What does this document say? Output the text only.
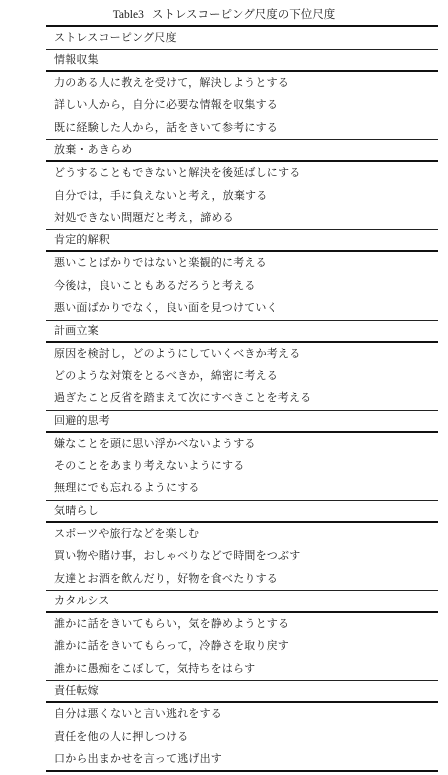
Table3 ストレスコーピング尺度の下位尺度
ストレスコーピング尺度
情報収集
力のある人に教えを受けて，解決しようとする
詳しい人から，自分に必要な情報を収集する
既に経験した人から，話をきいて参考にする
放棄・あきらめ
どうすることもできないと解決を後延ばしにする
自分では，手に負えないと考え，放棄する
対処できない問題だと考え，諦める
肯定的解釈
悪いことばかりではないと楽観的に考える
今後は，良いこともあるだろうと考える
悪い面ばかりでなく，良い面を見つけていく
計画立案
原因を検討し，どのようにしていくべきか考える
どのような対策をとるべきか，綿密に考える
過ぎたこと反省を踏まえて次にすべきことを考える
回避的思考
嫌なことを頭に思い浮かべないようする
そのことをあまり考えないようにする
無理にでも忘れるようにする
気晴らし
スポーツや旅行などを楽しむ
買い物や賭け事，おしゃべりなどで時間をつぶす
友達とお酒を飲んだり，好物を食べたりする
カタルシス
誰かに話をきいてもらい，気を静めようとする
誰かに話をきいてもらって，冷静さを取り戻す
誰かに愚痴をこぼして，気持ちをはらす
責任転嫁
自分は悪くないと言い逃れをする
責任を他の人に押しつける
口から出まかせを言って逃げ出す
